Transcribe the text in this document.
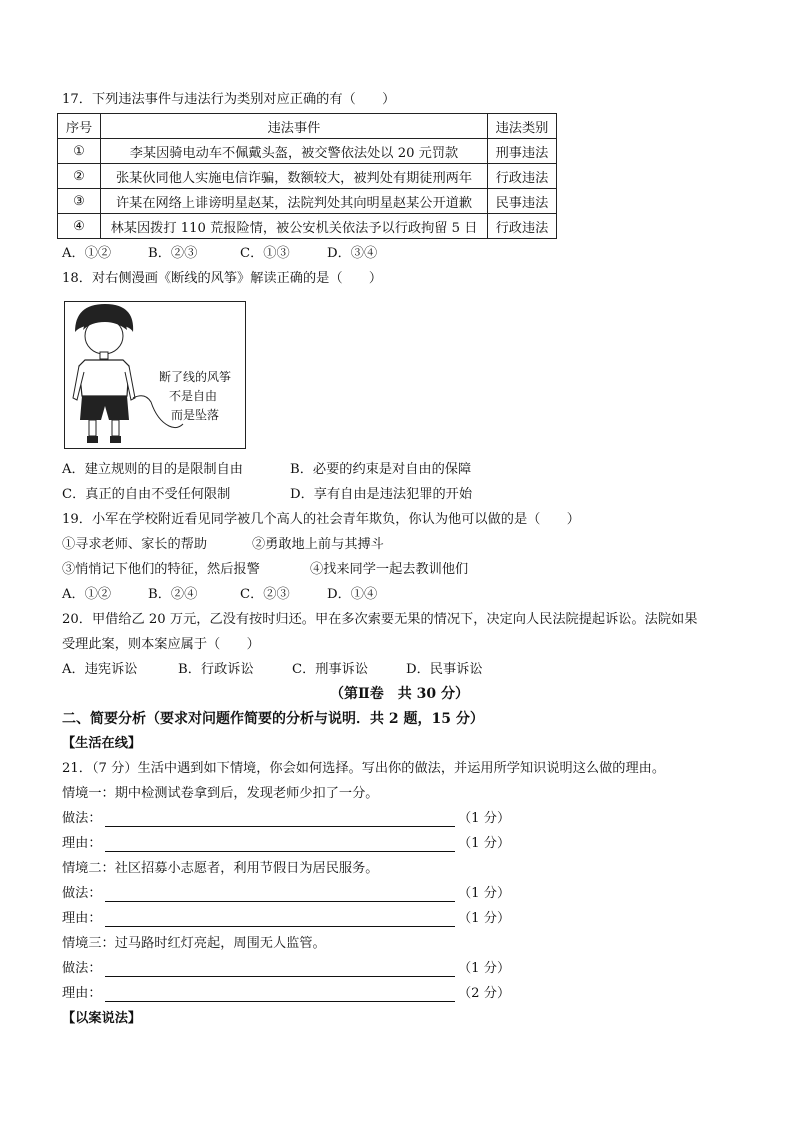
17．下列违法事件与违法行为类别对应正确的有（　　）
序号	违法事件	违法类别
①	李某因骑电动车不佩戴头盔，被交警依法处以 20 元罚款	刑事违法
②	张某伙同他人实施电信诈骗，数额较大，被判处有期徒刑两年	行政违法
③	许某在网络上诽谤明星赵某，法院判处其向明星赵某公开道歉	民事违法
④	林某因拨打 110 荒报险情，被公安机关依法予以行政拘留 5 日	行政违法
A．①②	B．②③	C．①③	D．③④
18．对右侧漫画《断线的风筝》解读正确的是（　　）
断了线的风筝
不是自由
而是坠落
A．建立规则的目的是限制自由	B．必要的约束是对自由的保障
C．真正的自由不受任何限制	D．享有自由是违法犯罪的开始
19．小军在学校附近看见同学被几个高人的社会青年欺负，你认为他可以做的是（　　）
①寻求老师、家长的帮助	②勇敢地上前与其搏斗
③悄悄记下他们的特征，然后报警	④找来同学一起去教训他们
A．①②	B．②④	C．②③	D．①④
20．甲借给乙 20 万元，乙没有按时归还。甲在多次索要无果的情况下，决定向人民法院提起诉讼。法院如果
受理此案，则本案应属于（　　）
A．违宪诉讼	B．行政诉讼	C．刑事诉讼	D．民事诉讼
（第Ⅱ卷　共 30 分）
二、简要分析（要求对问题作简要的分析与说明．共 2 题，15 分）
【生活在线】
21．（7 分）生活中遇到如下情境，你会如何选择。写出你的做法，并运用所学知识说明这么做的理由。
情境一：期中检测试卷拿到后，发现老师少扣了一分。
做法：	（1 分）
理由：	（1 分）
情境二：社区招募小志愿者，利用节假日为居民服务。
做法：	（1 分）
理由：	（1 分）
情境三：过马路时红灯亮起，周围无人监管。
做法：	（1 分）
理由：	（2 分）
【以案说法】
